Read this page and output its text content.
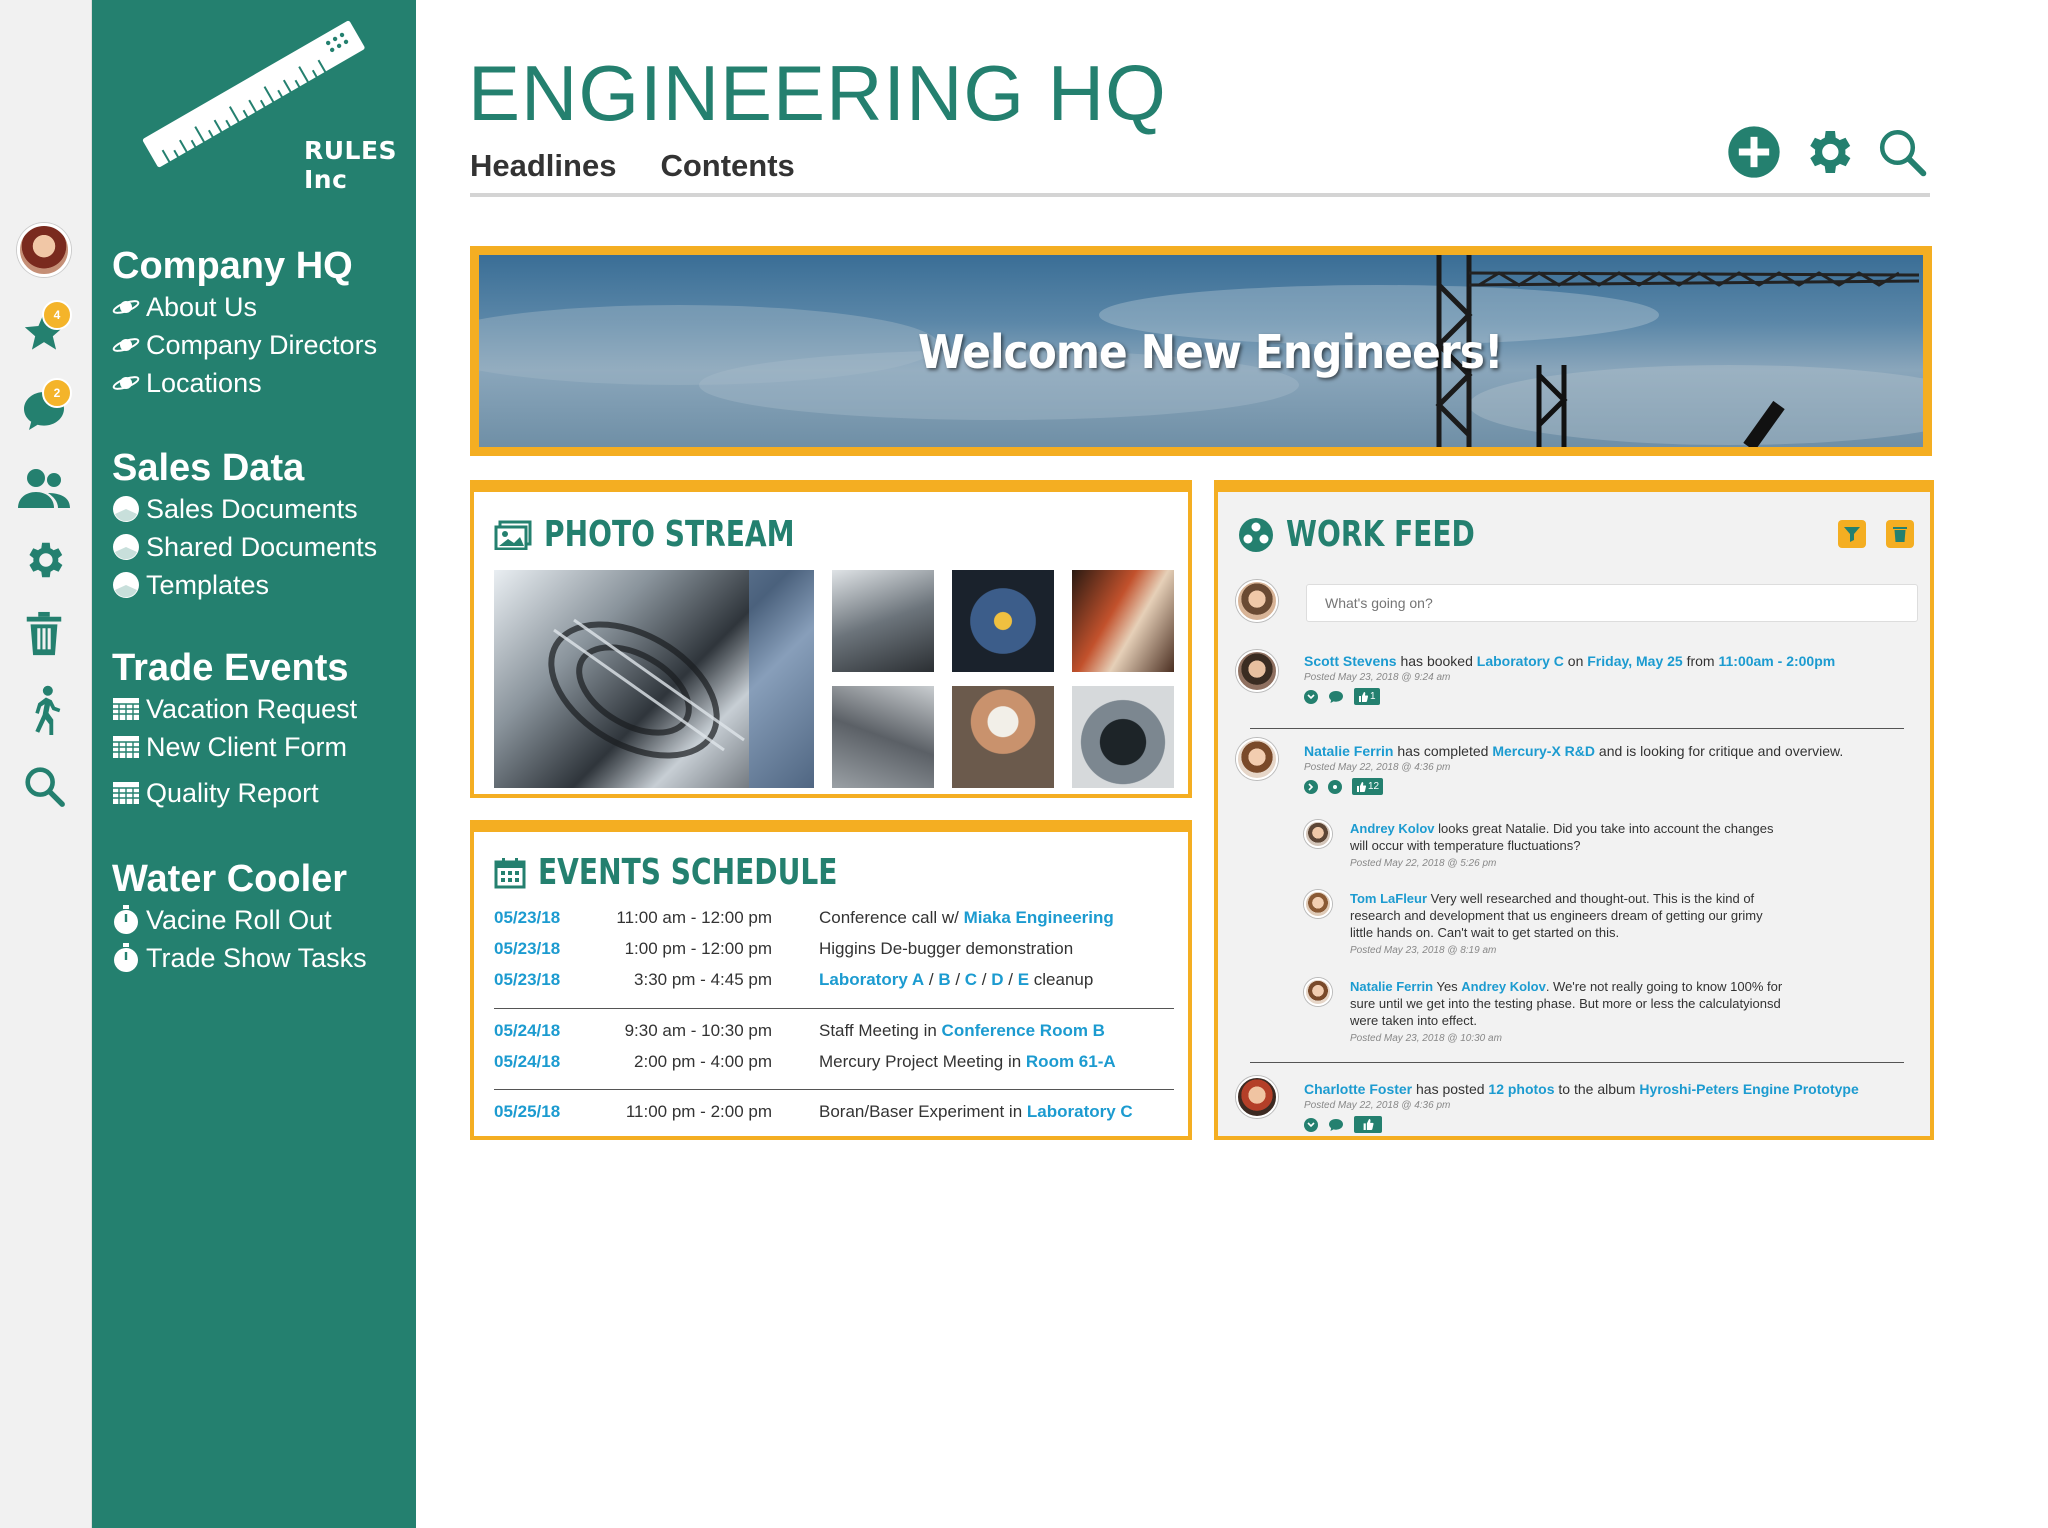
4
2
RULES Inc
Company HQ
About Us
Company Directors
Locations
Sales Data
Sales Documents
Shared Documents
Templates
Trade Events
Vacation Request
New Client Form
Quality Report
Water Cooler
Vacine Roll Out
Trade Show Tasks
ENGINEERING HQ
Headlines Contents
Welcome New Engineers!
PHOTO STREAM
EVENTS SCHEDULE
05/23/18	11:00 am - 12:00 pm	Conference call w/ Miaka Engineering
05/23/18	1:00 pm - 12:00 pm	Higgins De-bugger demonstration
05/23/18	3:30 pm - 4:45 pm	Laboratory A / B / C / D / E cleanup
05/24/18	9:30 am - 10:30 pm	Staff Meeting in Conference Room B
05/24/18	2:00 pm - 4:00 pm	Mercury Project Meeting in Room 61-A
05/25/18	11:00 pm - 2:00 pm	Boran/Baser Experiment in Laboratory C
WORK FEED
What's going on?
Scott Stevens has booked Laboratory C on Friday, May 25 from 11:00am - 2:00pm
Posted May 23, 2018 @ 9:24 am
1
Natalie Ferrin has completed Mercury-X R&D and is looking for critique and overview.
Posted May 22, 2018 @ 4:36 pm
12
Andrey Kolov looks great Natalie. Did you take into account the changes
will occur with temperature fluctuations?
Posted May 22, 2018 @ 5:26 pm
Tom LaFleur Very well researched and thought-out. This is the kind of
research and development that us engineers dream of getting our grimy
little hands on. Can't wait to get started on this.
Posted May 23, 2018 @ 8:19 am
Natalie Ferrin Yes Andrey Kolov. We're not really going to know 100% for
sure until we get into the testing phase. But more or less the calculatyionsd
were taken into effect.
Posted May 23, 2018 @ 10:30 am
Charlotte Foster has posted 12 photos to the album Hyroshi-Peters Engine Prototype
Posted May 22, 2018 @ 4:36 pm
